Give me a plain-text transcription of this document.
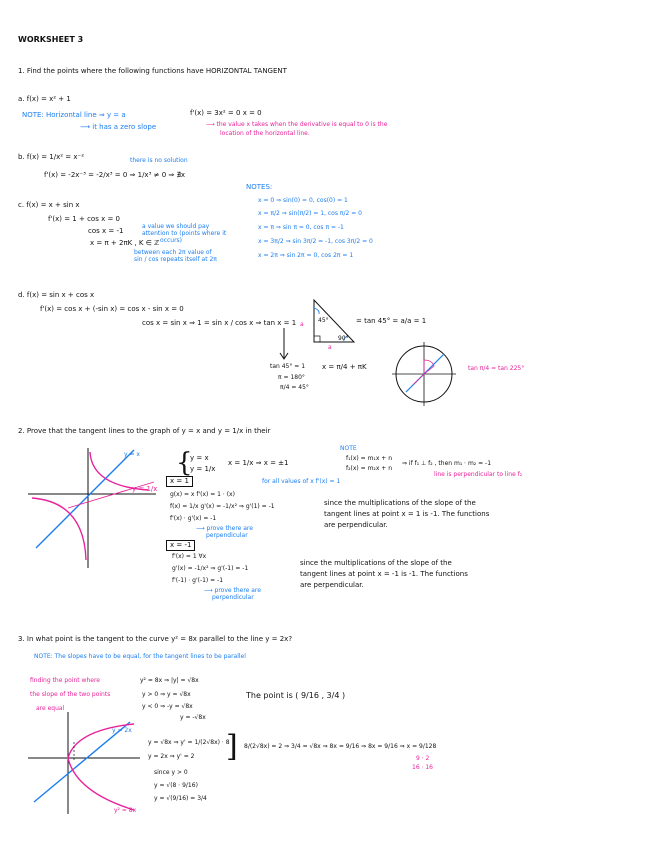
WORKSHEET 3
1. Find the points where the following functions have HORIZONTAL TANGENT
a. f(x) = x² + 1
NOTE: Horizontal line ⇒ y = a
⟶ it has a zero slope
f'(x) = 3x² = 0 x = 0
⟶ the value x takes when the derivative is equal to 0 is the
location of the horizontal line.
b. f(x) = 1/x² = x⁻²	there is no solution
f'(x) = -2x⁻³ = -2/x³ = 0 ⇒ 1/x³ ≠ 0 ⇒ ∄x
c. f(x) = x + sin x
f'(x) = 1 + cos x = 0
cos x = -1
x = π + 2πK , K ∈ ℤ
a value we should pay
attention to (points where it
occurs)
between each 2π value of
sin / cos repeats itself at 2π
NOTES:
x = 0 ⇒ sin(0) = 0, cos(0) = 1
x = π/2 ⇒ sin(π/2) = 1, cos π/2 = 0
x = π ⇒ sin π = 0, cos π = -1
x = 3π/2 ⇒ sin 3π/2 = -1, cos 3π/2 = 0
x = 2π ⇒ sin 2π = 0, cos 2π = 1
d. f(x) = sin x + cos x
f'(x) = cos x + (-sin x) = cos x - sin x = 0
cos x = sin x ⇒ 1 = sin x / cos x ⇒ tan x = 1	= tan 45° = a/a = 1
tan 45° = 1
π = 180°
π/4 = 45°
x = π/4 + πK
45°
90°
a
a
tan π/4 = tan 225°
2. Prove that the tangent lines to the graph of y = x and y = 1/x in their
y = x
y = 1/x
{
y = x
y = 1/x
x = 1/x ⇒ x = ±1
x = 1
g(x) = x f'(x) = 1 ⋅ (x)
for all values of x f'(x) = 1
f(x) = 1/x g'(x) = -1/x² ⇒ g'(1) = -1
f'(x) ⋅ g'(x) = -1
⟶ prove there are
perpendicular
NOTE
f₁(x) = m₁x + n
f₂(x) = m₂x + n
⇒ if f₁ ⊥ f₂ , then m₁ ⋅ m₂ = -1
line is perpendicular to line f₂
since the multiplications of the slope of the
tangent lines at point x = 1 is -1. The functions
are perpendicular.
x = -1
f'(x) = 1 ∀x
g'(x) = -1/x² ⇒ g'(-1) = -1
f'(-1) ⋅ g'(-1) = -1
⟶ prove there are
perpendicular
since the multiplications of the slope of the
tangent lines at point x = -1 is -1. The functions
are perpendicular.
3. In what point is the tangent to the curve y² = 8x parallel to the line y = 2x?
NOTE: The slopes have to be equal, for the tangent lines to be parallel
finding the point where
the slope of the two points
are equal
y² = 8x ⇒ |y| = √8x
y > 0 ⇒ y = √8x
y < 0 ⇒ -y = √8x
y = -√8x
The point is ( 9/16 , 3/4 )
y = 2x
y² = 8x
y = √8x ⇒ y' = 1/(2√8x) ⋅ 8
y = 2x ⇒ y' = 2 ] 8/(2√8x) = 2 ⇒ 3/4 = √8x ⇒ 8x = 9/16 ⇒ 8x = 9/16 ⇒ x = 9/128
9 ⋅ 2
16 ⋅ 16
since y > 0
y = √(8 ⋅ 9/16)
y = √(9/16) = 3/4
